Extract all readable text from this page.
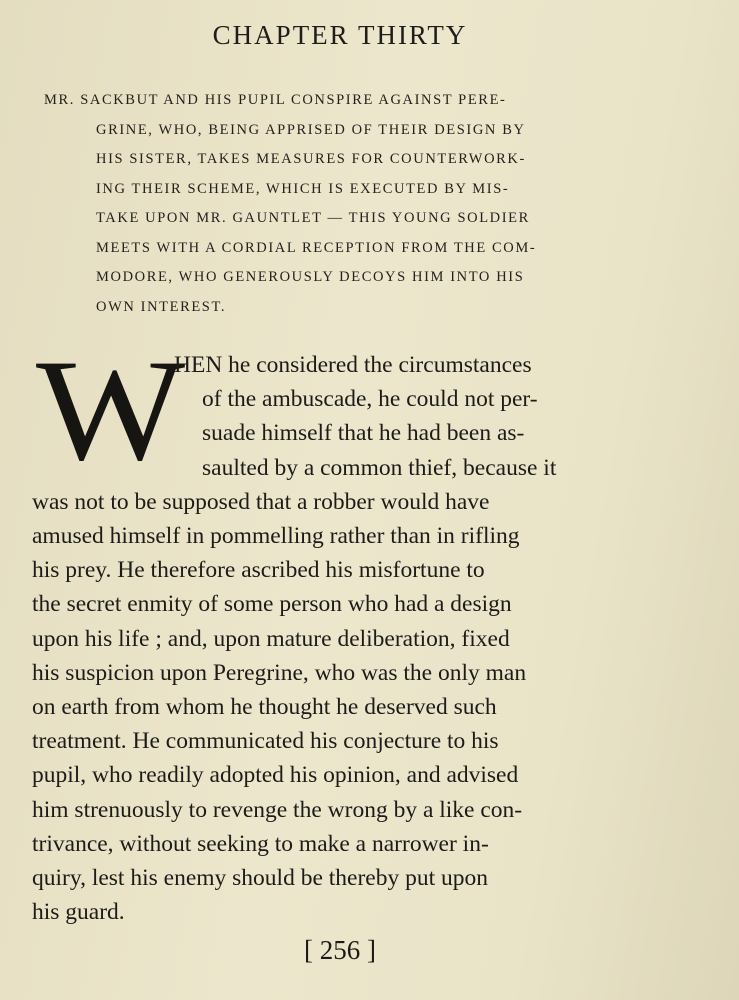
CHAPTER THIRTY
MR. SACKBUT AND HIS PUPIL CONSPIRE AGAINST PERE-
GRINE, WHO, BEING APPRISED OF THEIR DESIGN BY
HIS SISTER, TAKES MEASURES FOR COUNTERWORK-
ING THEIR SCHEME, WHICH IS EXECUTED BY MIS-
TAKE UPON MR. GAUNTLET — THIS YOUNG SOLDIER
MEETS WITH A CORDIAL RECEPTION FROM THE COM-
MODORE, WHO GENEROUSLY DECOYS HIM INTO HIS
OWN INTEREST.
W
HEN he considered the circumstances
of the ambuscade, he could not per-
suade himself that he had been as-
saulted by a common thief, because it
was not to be supposed that a robber would have
amused himself in pommelling rather than in rifling
his prey. He therefore ascribed his misfortune to
the secret enmity of some person who had a design
upon his life ; and, upon mature deliberation, fixed
his suspicion upon Peregrine, who was the only man
on earth from whom he thought he deserved such
treatment. He communicated his conjecture to his
pupil, who readily adopted his opinion, and advised
him strenuously to revenge the wrong by a like con-
trivance, without seeking to make a narrower in-
quiry, lest his enemy should be thereby put upon
his guard.
[ 256 ]
